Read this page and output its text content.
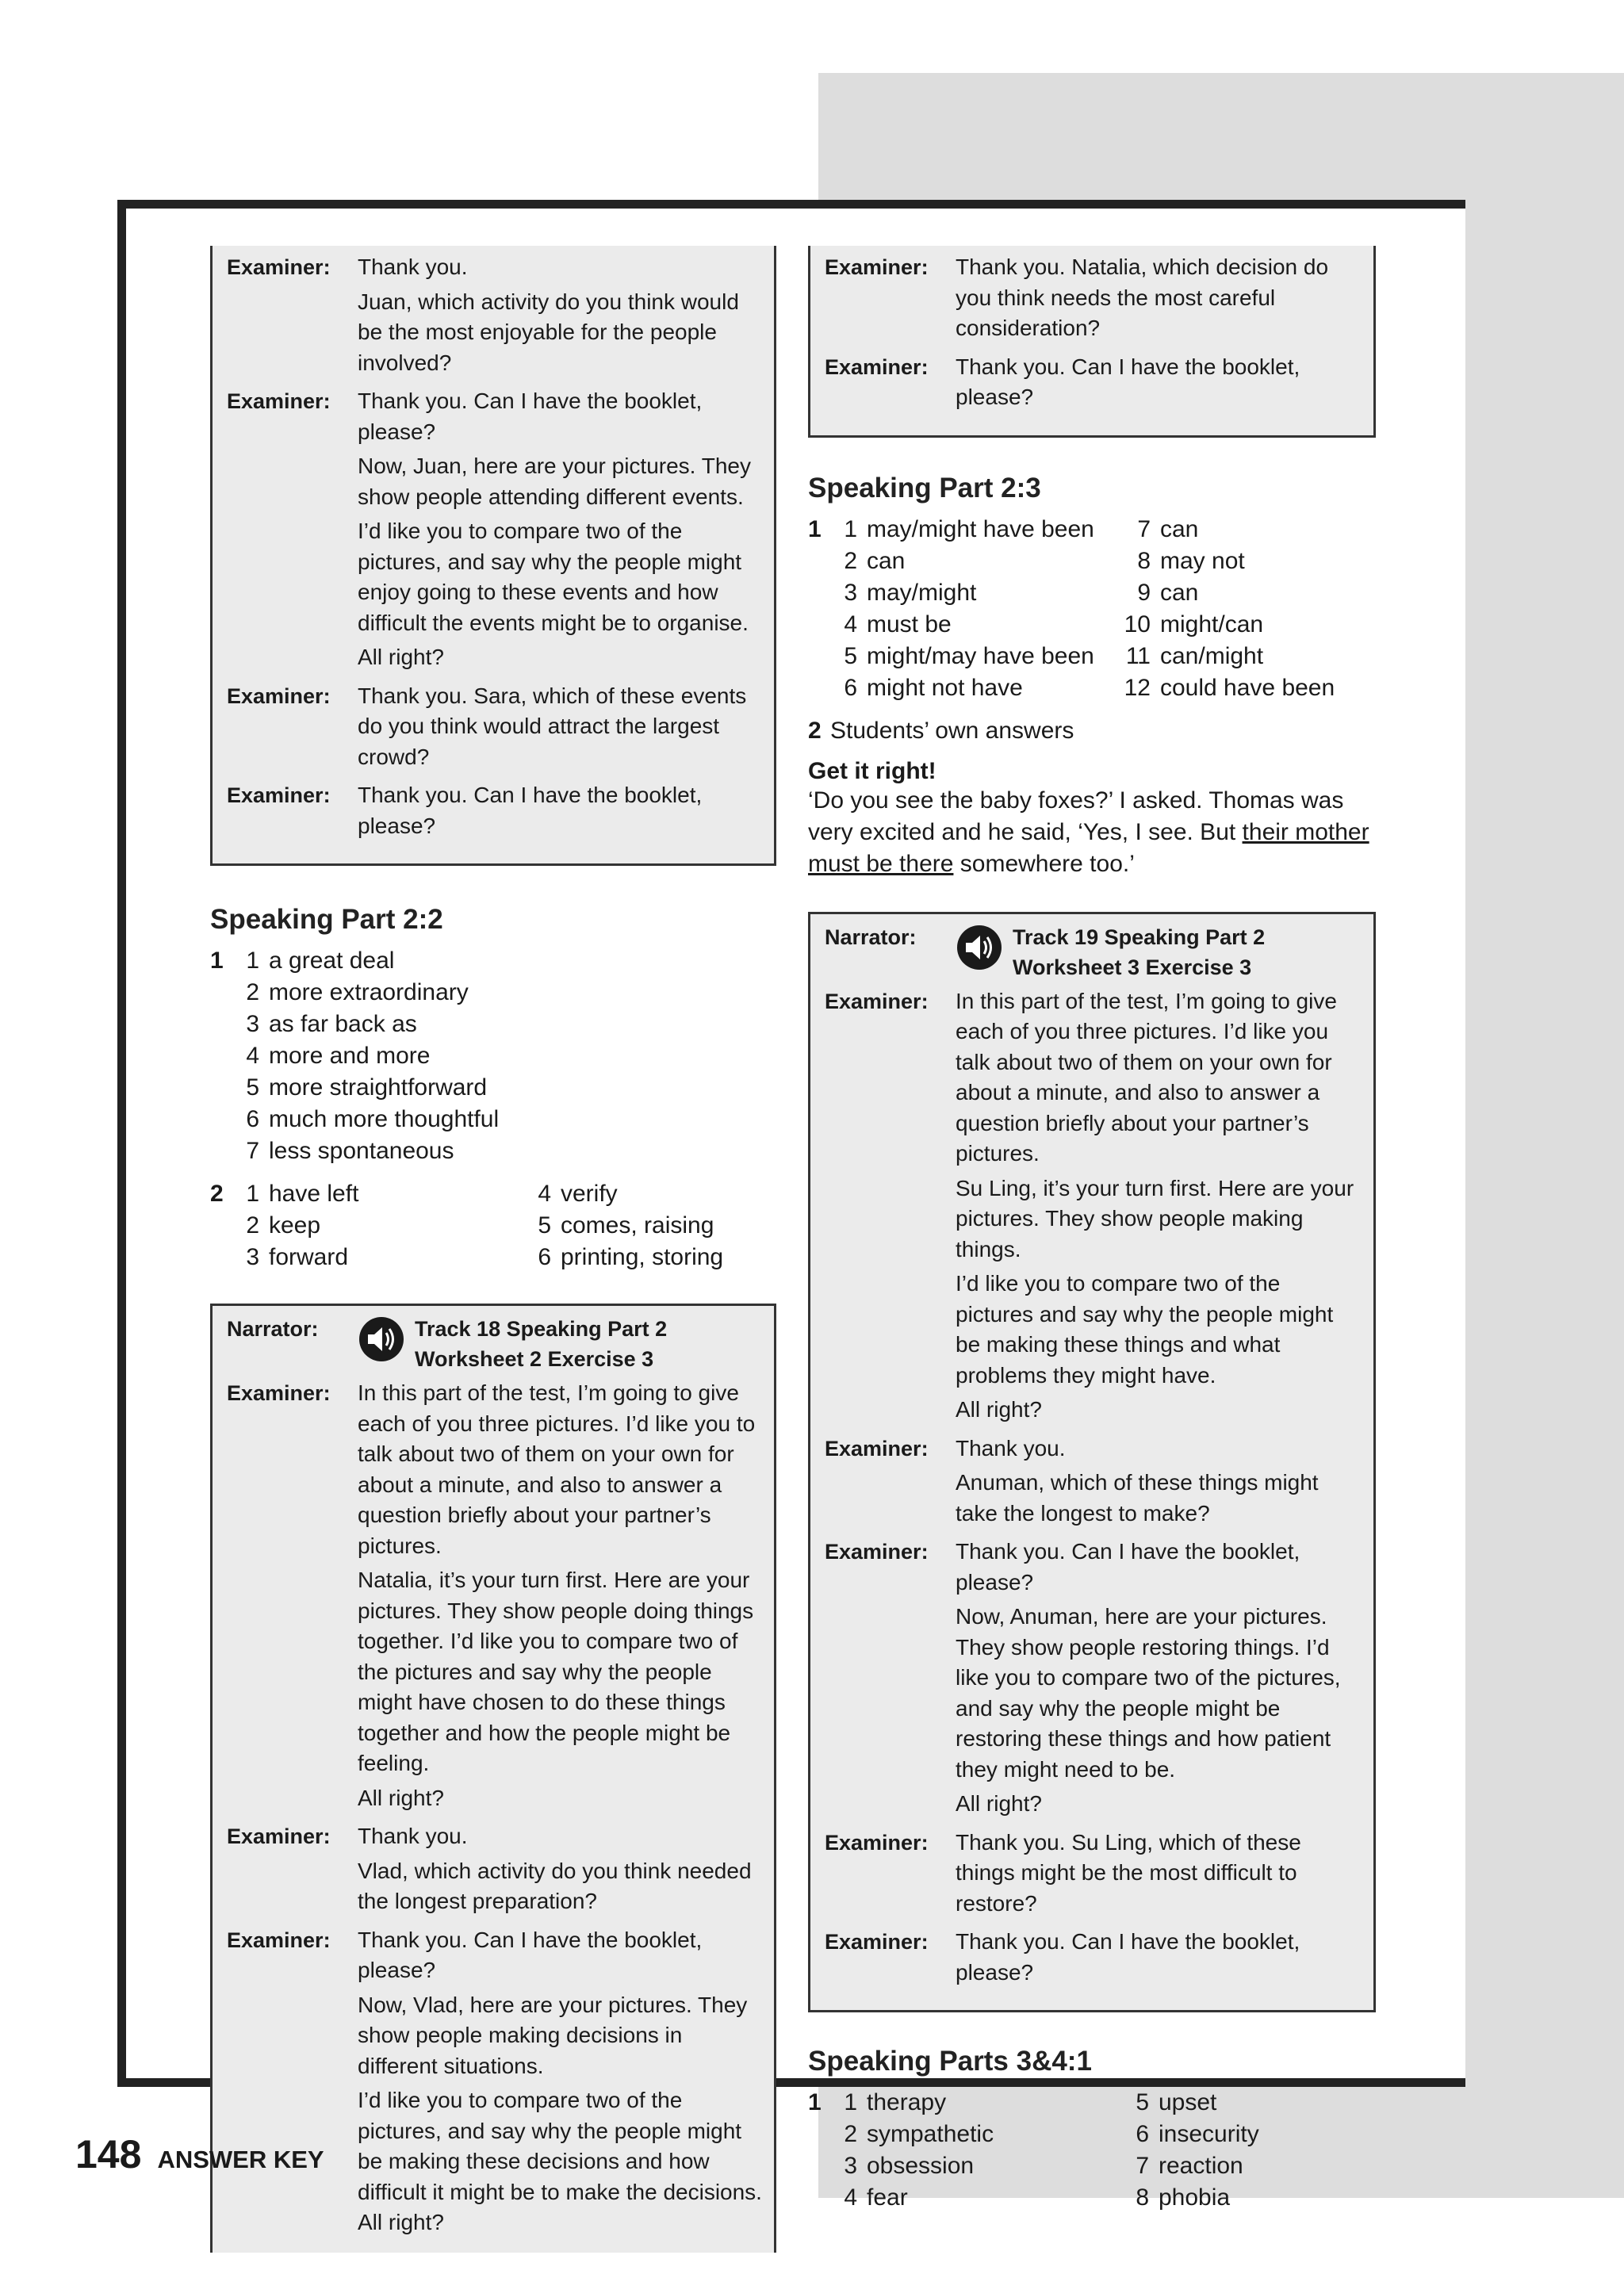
Examiner:	Thank you.

Juan, which activity do you think would be the most enjoyable for the people involved?

Examiner:	Thank you. Can I have the booklet, please?

Now, Juan, here are your pictures. They show people attending different events.

I’d like you to compare two of the pictures, and say why the people might enjoy going to these events and how difficult the events might be to organise.

All right?

Examiner:	Thank you. Sara, which of these events do you think would attract the largest crowd?

Examiner:	Thank you. Can I have the booklet, please?

Speaking Part 2:2
1 1 a great deal
2 more extraordinary
3 as far back as
4 more and more
5 more straightforward
6 much more thoughtful
7 less spontaneous
2 1 have left
2 keep
3 forward
4 verify
5 comes, raising
6 printing, storing
Narrator:	Track 18 Speaking Part 2
Worksheet 2 Exercise 3
Examiner:	In this part of the test, I’m going to give each of you three pictures. I’d like you to talk about two of them on your own for about a minute, and also to answer a question briefly about your partner’s pictures.

Natalia, it’s your turn first. Here are your pictures. They show people doing things together. I’d like you to compare two of the pictures and say why the people might have chosen to do these things together and how the people might be feeling.

All right?

Examiner:	Thank you.

Vlad, which activity do you think needed the longest preparation?

Examiner:	Thank you. Can I have the booklet, please?

Now, Vlad, here are your pictures. They show people making decisions in different situations.

I’d like you to compare two of the pictures, and say why the people might be making these decisions and how difficult it might be to make the decisions. All right?

Examiner:	Thank you. Natalia, which decision do you think needs the most careful consideration?

Examiner:	Thank you. Can I have the booklet, please?

Speaking Part 2:3
1 1 may/might have been
2 can
3 may/might
4 must be
5 might/may have been
6 might not have
7 can
8 may not
9 can
10 might/can
11 can/might
12 could have been
2 Students’ own answers
Get it right!

‘Do you see the baby foxes?’ I asked. Thomas was very excited and he said, ‘Yes, I see. But their mother must be there somewhere too.’

Narrator:	Track 19 Speaking Part 2
Worksheet 3 Exercise 3
Examiner:	In this part of the test, I’m going to give each of you three pictures. I’d like you talk about two of them on your own for about a minute, and also to answer a question briefly about your partner’s pictures.

Su Ling, it’s your turn first. Here are your pictures. They show people making things.

I’d like you to compare two of the pictures and say why the people might be making these things and what problems they might have.

All right?

Examiner:	Thank you.

Anuman, which of these things might take the longest to make?

Examiner:	Thank you. Can I have the booklet, please?

Now, Anuman, here are your pictures. They show people restoring things. I’d like you to compare two of the pictures, and say why the people might be restoring these things and how patient they might need to be.

All right?

Examiner:	Thank you. Su Ling, which of these things might be the most difficult to restore?

Examiner:	Thank you. Can I have the booklet, please?

Speaking Parts 3&4:1
1 1 therapy
2 sympathetic
3 obsession
4 fear
5 upset
6 insecurity
7 reaction
8 phobia
148 ANSWER KEY
